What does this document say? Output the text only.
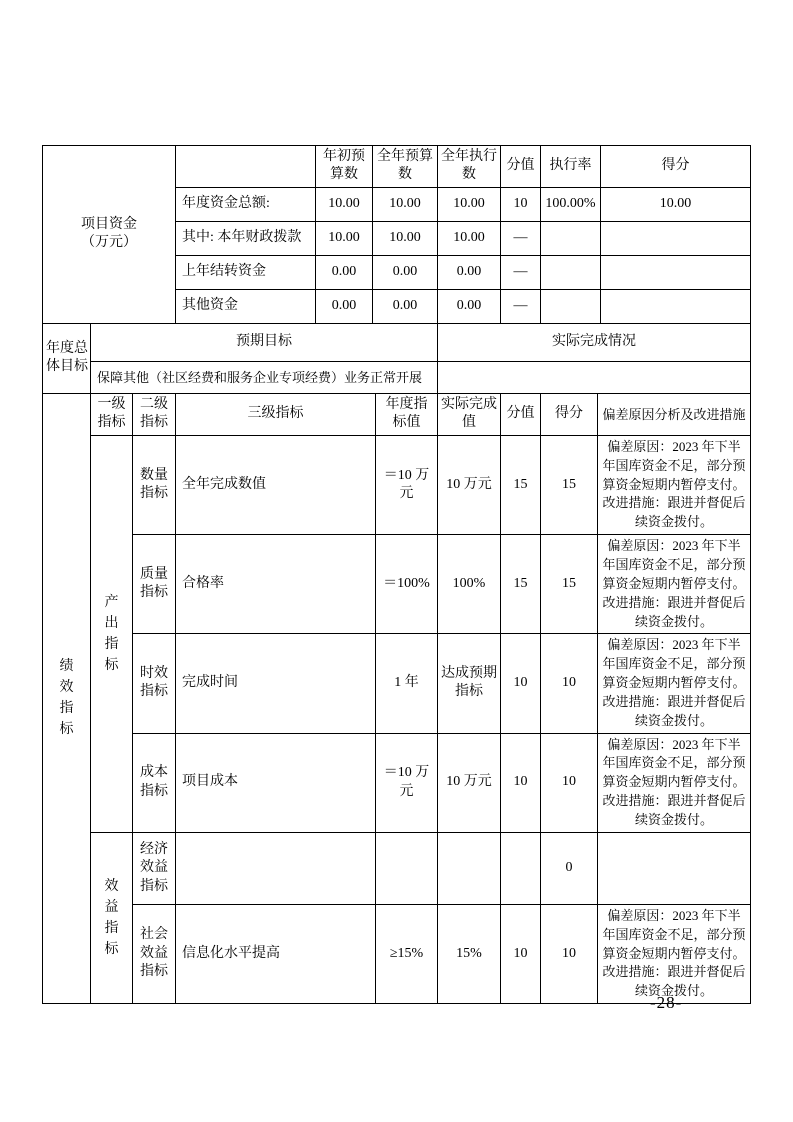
项目资金（万元）		年初预算数	全年预算数	全年执行数	分值	执行率	得分
	年度资金总额:	10.00	10.00	10.00	10	100.00%	10.00
	其中: 本年财政拨款	10.00	10.00	10.00	—		
	上年结转资金	0.00	0.00	0.00	—		
	其他资金	0.00	0.00	0.00	—		
年度总体目标	预期目标	实际完成情况
	保障其他（社区经费和服务企业专项经费）业务正常开展	
绩效指标	一级指标	二级指标	三级指标	年度指标值	实际完成值	分值	得分	偏差原因分析及改进措施
	产出指标	数量指标	全年完成数值	＝10 万元	10 万元	15	15	偏差原因：2023 年下半年国库资金不足，部分预算资金短期内暂停支付。改进措施：跟进并督促后续资金拨付。
		质量指标	合格率	＝100%	100%	15	15	偏差原因：2023 年下半年国库资金不足，部分预算资金短期内暂停支付。改进措施：跟进并督促后续资金拨付。
		时效指标	完成时间	1 年	达成预期指标	10	10	偏差原因：2023 年下半年国库资金不足，部分预算资金短期内暂停支付。改进措施：跟进并督促后续资金拨付。
		成本指标	项目成本	＝10 万元	10 万元	10	10	偏差原因：2023 年下半年国库资金不足，部分预算资金短期内暂停支付。改进措施：跟进并督促后续资金拨付。
	效益指标	经济效益指标					0	
		社会效益指标	信息化水平提高	≥15%	15%	10	10	偏差原因：2023 年下半年国库资金不足，部分预算资金短期内暂停支付。改进措施：跟进并督促后续资金拨付。
-28-
